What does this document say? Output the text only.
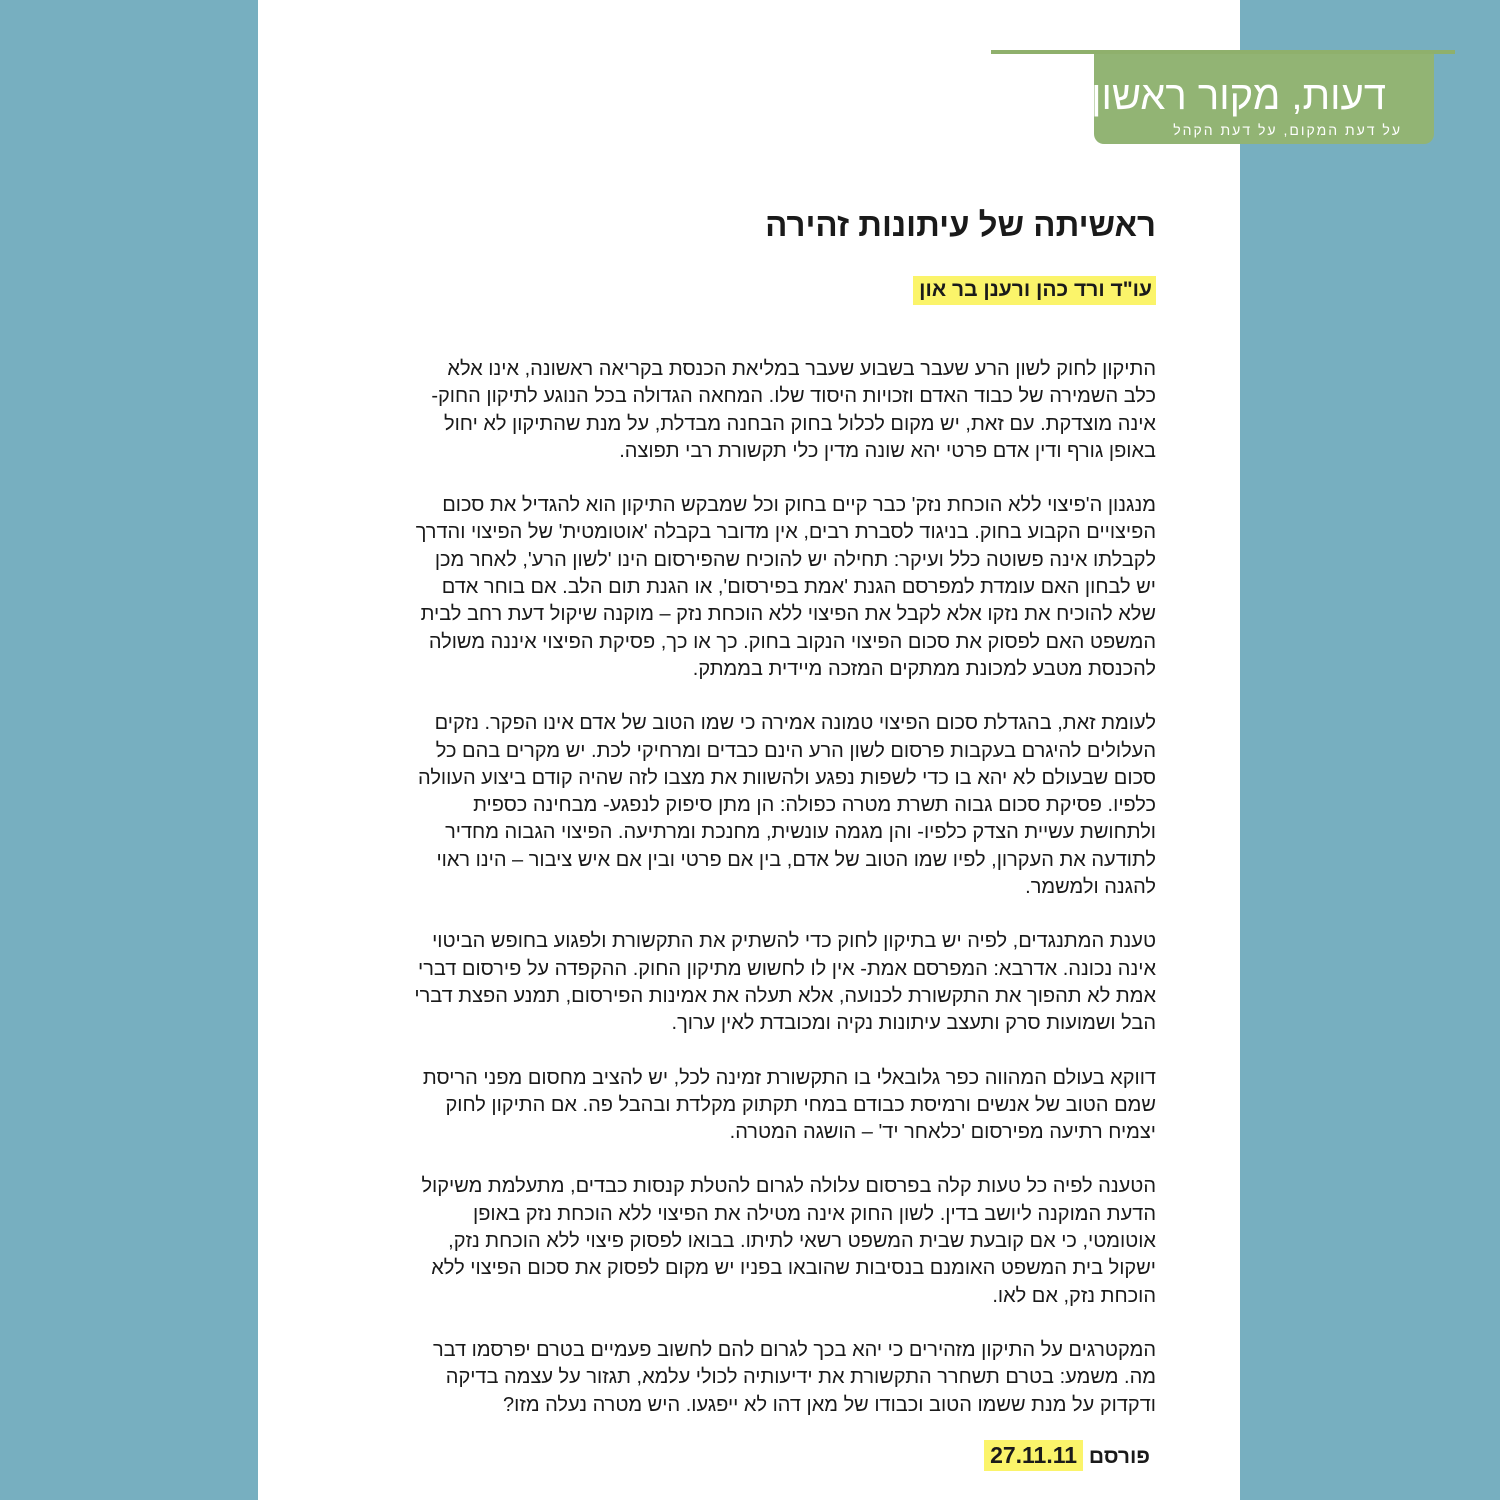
דעות, מקור ראשון
על דעת המקום, על דעת הקהל
ראשיתה של עיתונות זהירה
עו"ד ורד כהן ורענן בר און

התיקון לחוק לשון הרע שעבר בשבוע שעבר במליאת הכנסת בקריאה ראשונה, אינו אלא
כלב השמירה של כבוד האדם וזכויות היסוד שלו. המחאה הגדולה בכל הנוגע לתיקון החוק-
אינה מוצדקת. עם זאת, יש מקום לכלול בחוק הבחנה מבדלת, על מנת שהתיקון לא יחול
באופן גורף ודין אדם פרטי יהא שונה מדין כלי תקשורת רבי תפוצה.

מנגנון ה'פיצוי ללא הוכחת נזק' כבר קיים בחוק וכל שמבקש התיקון הוא להגדיל את סכום
הפיצויים הקבוע בחוק. בניגוד לסברת רבים, אין מדובר בקבלה 'אוטומטית' של הפיצוי והדרך
לקבלתו אינה פשוטה כלל ועיקר: תחילה יש להוכיח שהפירסום הינו 'לשון הרע', לאחר מכן
יש לבחון האם עומדת למפרסם הגנת 'אמת בפירסום', או הגנת תום הלב. אם בוחר אדם
שלא להוכיח את נזקו אלא לקבל את הפיצוי ללא הוכחת נזק – מוקנה שיקול דעת רחב לבית
המשפט האם לפסוק את סכום הפיצוי הנקוב בחוק. כך או כך, פסיקת הפיצוי איננה משולה
להכנסת מטבע למכונת ממתקים המזכה מיידית בממתק.

לעומת זאת, בהגדלת סכום הפיצוי טמונה אמירה כי שמו הטוב של אדם אינו הפקר. נזקים
העלולים להיגרם בעקבות פרסום לשון הרע הינם כבדים ומרחיקי לכת. יש מקרים בהם כל
סכום שבעולם לא יהא בו כדי לשפות נפגע ולהשוות את מצבו לזה שהיה קודם ביצוע העוולה
כלפיו. פסיקת סכום גבוה תשרת מטרה כפולה: הן מתן סיפוק לנפגע- מבחינה כספית
ולתחושת עשיית הצדק כלפיו- והן מגמה עונשית, מחנכת ומרתיעה. הפיצוי הגבוה מחדיר
לתודעה את העקרון, לפיו שמו הטוב של אדם, בין אם פרטי ובין אם איש ציבור – הינו ראוי
להגנה ולמשמר.

טענת המתנגדים, לפיה יש בתיקון לחוק כדי להשתיק את התקשורת ולפגוע בחופש הביטוי
אינה נכונה. אדרבא: המפרסם אמת- אין לו לחשוש מתיקון החוק. ההקפדה על פירסום דברי
אמת לא תהפוך את התקשורת לכנועה, אלא תעלה את אמינות הפירסום, תמנע הפצת דברי
הבל ושמועות סרק ותעצב עיתונות נקיה ומכובדת לאין ערוך.

דווקא בעולם המהווה כפר גלובאלי בו התקשורת זמינה לכל, יש להציב מחסום מפני הריסת
שמם הטוב של אנשים ורמיסת כבודם במחי תקתוק מקלדת ובהבל פה. אם התיקון לחוק
יצמיח רתיעה מפירסום 'כלאחר יד' – הושגה המטרה.

הטענה לפיה כל טעות קלה בפרסום עלולה לגרום להטלת קנסות כבדים, מתעלמת משיקול
הדעת המוקנה ליושב בדין. לשון החוק אינה מטילה את הפיצוי ללא הוכחת נזק באופן
אוטומטי, כי אם קובעת שבית המשפט רשאי לתיתו. בבואו לפסוק פיצוי ללא הוכחת נזק,
ישקול בית המשפט האומנם בנסיבות שהובאו בפניו יש מקום לפסוק את סכום הפיצוי ללא
הוכחת נזק, אם לאו.

המקטרגים על התיקון מזהירים כי יהא בכך לגרום להם לחשוב פעמיים בטרם יפרסמו דבר
מה. משמע: בטרם תשחרר התקשורת את ידיעותיה לכולי עלמא, תגזור על עצמה בדיקה
ודקדוק על מנת ששמו הטוב וכבודו של מאן דהו לא ייפגעו. היש מטרה נעלה מזו?

פורסם 27.11.11
